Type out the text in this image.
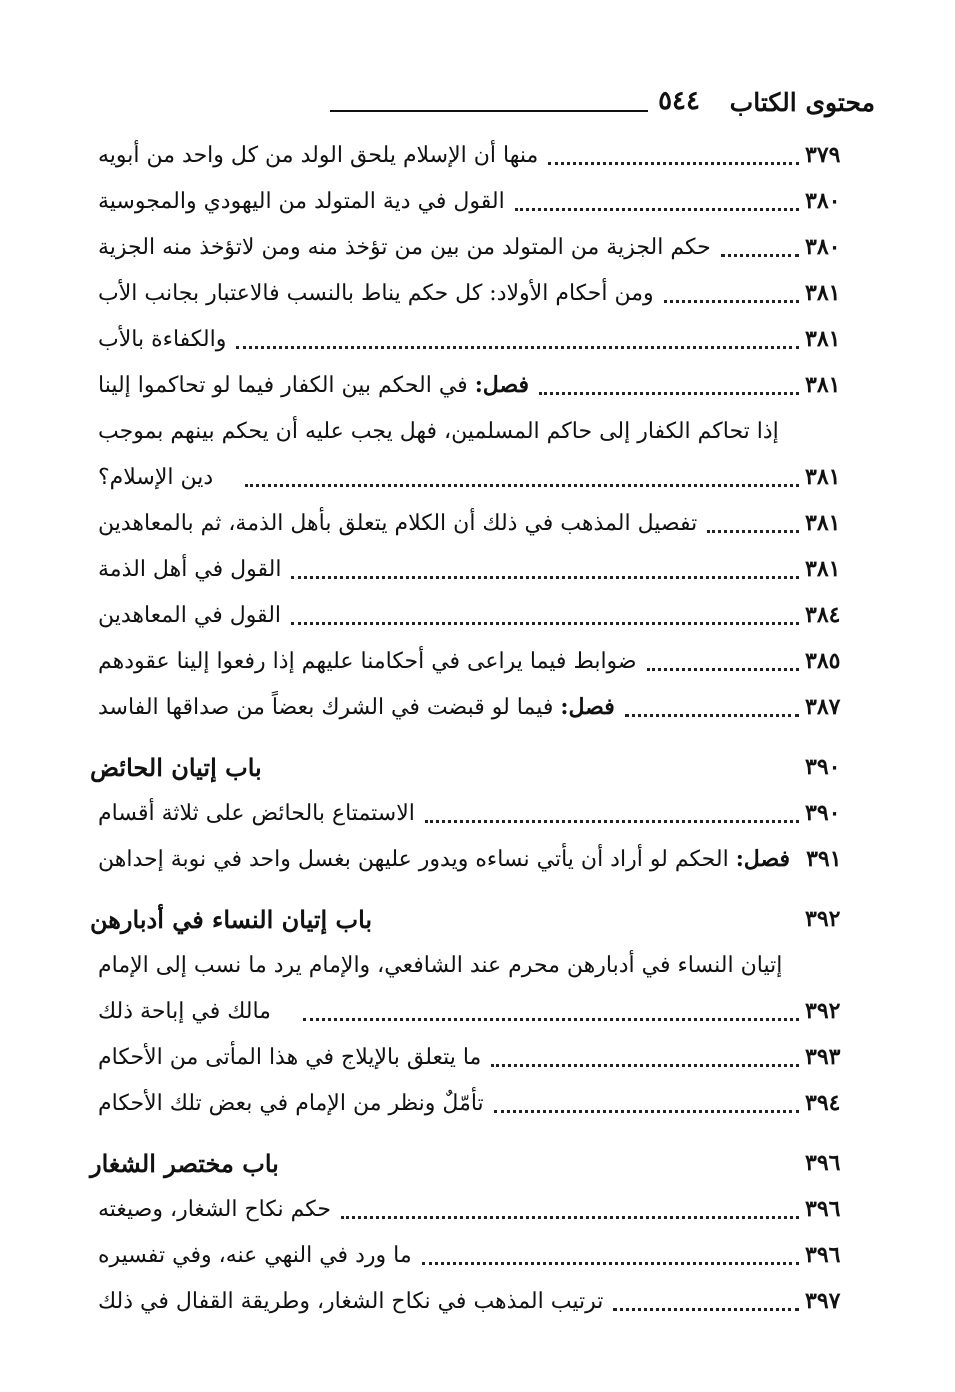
٥٤٤ محتوى الكتاب
منها أن الإسلام يلحق الولد من كل واحد من أبويه	٣٧٩
القول في دية المتولد من اليهودي والمجوسية	٣٨٠
حكم الجزية من المتولد من بين من تؤخذ منه ومن لاتؤخذ منه الجزية	٣٨٠
ومن أحكام الأولاد: كل حكم يناط بالنسب فالاعتبار بجانب الأب	٣٨١
والكفاءة بالأب	٣٨١
فصل: في الحكم بين الكفار فيما لو تحاكموا إلينا	٣٨١
إذا تحاكم الكفار إلى حاكم المسلمين، فهل يجب عليه أن يحكم بينهم بموجب
دين الإسلام؟	٣٨١
تفصيل المذهب في ذلك أن الكلام يتعلق بأهل الذمة، ثم بالمعاهدين	٣٨١
القول في أهل الذمة	٣٨١
القول في المعاهدين	٣٨٤
ضوابط فيما يراعى في أحكامنا عليهم إذا رفعوا إلينا عقودهم	٣٨٥
فصل: فيما لو قبضت في الشرك بعضاً من صداقها الفاسد	٣٨٧
باب إتيان الحائض	٣٩٠
الاستمتاع بالحائض على ثلاثة أقسام	٣٩٠
فصل: الحكم لو أراد أن يأتي نساءه ويدور عليهن بغسل واحد في نوبة إحداهن	٣٩١
باب إتيان النساء في أدبارهن	٣٩٢
إتيان النساء في أدبارهن محرم عند الشافعي، والإمام يرد ما نسب إلى الإمام
مالك في إباحة ذلك	٣٩٢
ما يتعلق بالإيلاج في هذا المأتى من الأحكام	٣٩٣
تأمّلٌ ونظر من الإمام في بعض تلك الأحكام	٣٩٤
باب مختصر الشغار	٣٩٦
حكم نكاح الشغار، وصيغته	٣٩٦
ما ورد في النهي عنه، وفي تفسيره	٣٩٦
ترتيب المذهب في نكاح الشغار، وطريقة القفال في ذلك	٣٩٧
